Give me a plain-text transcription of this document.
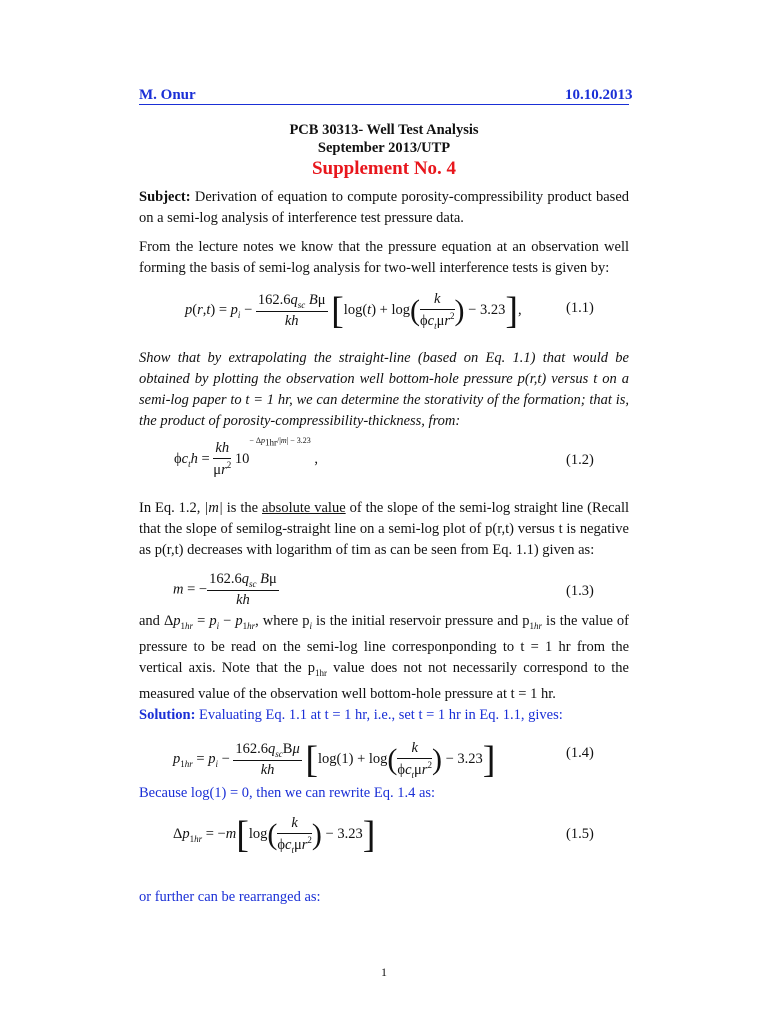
M. Onur	10.10.2013
PCB 30313- Well Test Analysis
September 2013/UTP
Supplement No. 4
Subject: Derivation of equation to compute porosity-compressibility product based on a semi-log analysis of interference test pressure data.
From the lecture notes we know that the pressure equation at an observation well forming the basis of semi-log analysis for two-well interference tests is given by:
$p(r,t) = p_i - \frac{162.6q_{sc} B\mu}{kh} [\log(t) + \log( \frac{k}{\phi c_t\mu r^2}$ ) − 3.23],	(1.1)
Show that by extrapolating the straight-line (based on Eq. 1.1) that would be obtained by plotting the observation well bottom-hole pressure p(r,t) versus t on a semi-log paper to t = 1 hr, we can determine the storativity of the formation; that is, the product of porosity-compressibility-thickness, from:
$\phi c_th = \frac{kh}{\mu r^2} 10^{- \Delta p_{1hr}/|m| - 3.23}$ ,	(1.2)
In Eq. 1.2, |m| is the absolute value of the slope of the semi-log straight line (Recall that the slope of semilog-straight line on a semi-log plot of p(r,t) versus t is negative as p(r,t) decreases with logarithm of tim as can be seen from Eq. 1.1) given as:
m = − $\frac{162.6q_{sc} B\mu}{kh}$	(1.3)
and $\Delta p_{1hr} = p_i - p_{1hr}$, where $p_i$ is the initial reservoir pressure and $p_{1hr}$ is the value of pressure to be read on the semi-log line corresponponding to t = 1 hr from the vertical axis. Note that the $p_{1hr}$ value does not not necessarily correspond to the measured value of the observation well bottom-hole pressure at t = 1 hr.
Solution: Evaluating Eq. 1.1 at t = 1 hr, i.e., set t = 1 hr in Eq. 1.1, gives:
$p_{1hr} = p_i - \frac{162.6q_{sc}B\mu}{kh} [\log(1) + \log( \frac{k}{\phi c_t\mu r^2}$ ) − 3.23]	(1.4)
Because log(1) = 0, then we can rewrite Eq. 1.4 as:
$\Delta p_{1hr} = -m[\log( \frac{k}{\phi c_t\mu r^2}$ ) − 3.23]	(1.5)
or further can be rearranged as:
1
